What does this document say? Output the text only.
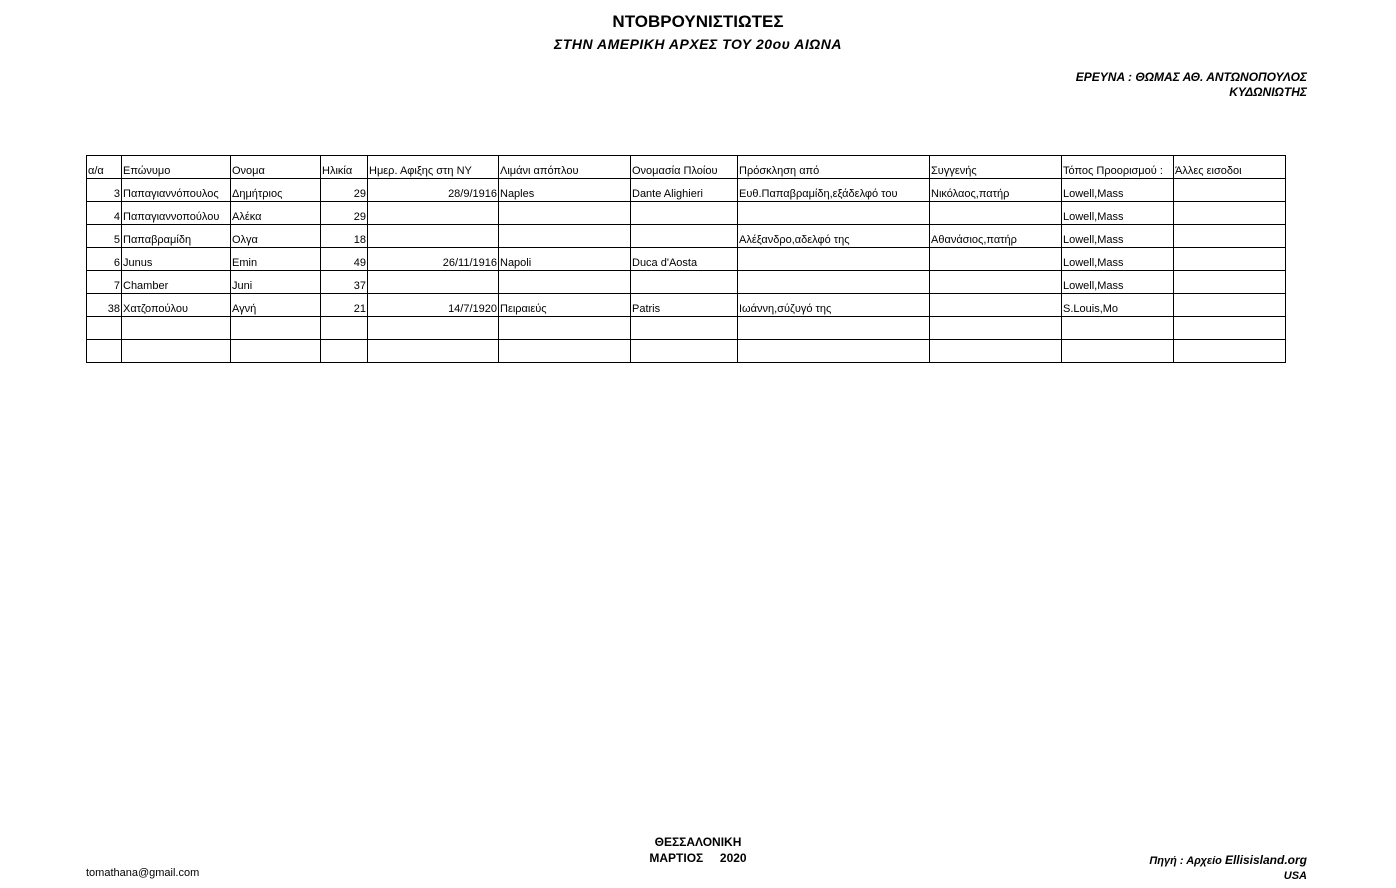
ΝΤΟΒΡΟΥΝΙΣΤΙΩΤΕΣ
ΣΤΗΝ ΑΜΕΡΙΚΗ ΑΡΧΕΣ ΤΟΥ 20ου ΑΙΩΝΑ
ΕΡΕΥΝΑ : ΘΩΜΑΣ ΑΘ. ΑΝΤΩΝΟΠΟΥΛΟΣ
ΚΥΔΩΝΙΩΤΗΣ
α/α	Επώνυμο	Ονομα	Ηλικία	Ημερ. Αφιξης στη ΝΥ	Λιμάνι απόπλου	Ονομασία Πλοίου	Πρόσκληση από	Συγγενής	Τόπος Προορισμού :	Άλλες εισοδοι
3	Παπαγιαννόπουλος	Δημήτριος	29	28/9/1916	Naples	Dante Alighieri	Ευθ.Παπαβραμίδη,εξάδελφό του	Νικόλαος,πατήρ	Lowell,Mass	
4	Παπαγιαννοπούλου	Αλέκα	29						Lowell,Mass	
5	Παπαβραμίδη	Ολγα	18				Αλέξανδρο,αδελφό της	Αθανάσιος,πατήρ	Lowell,Mass	
6	Junus	Emin	49	26/11/1916	Napoli	Duca d'Aosta			Lowell,Mass	
7	Chamber	Juni	37						Lowell,Mass	
38	Χατζοπούλου	Αγνή	21	14/7/1920	Πειραιεύς	Patris	Ιωάννη,σύζυγό της		S.Louis,Mo	

ΘΕΣΣΑΛΟΝΙΚΗ
ΜΑΡΤΙΟΣ     2020
tomathana@gmail.com
Πηγή : Αρχείο Ellisisland.org
USA
